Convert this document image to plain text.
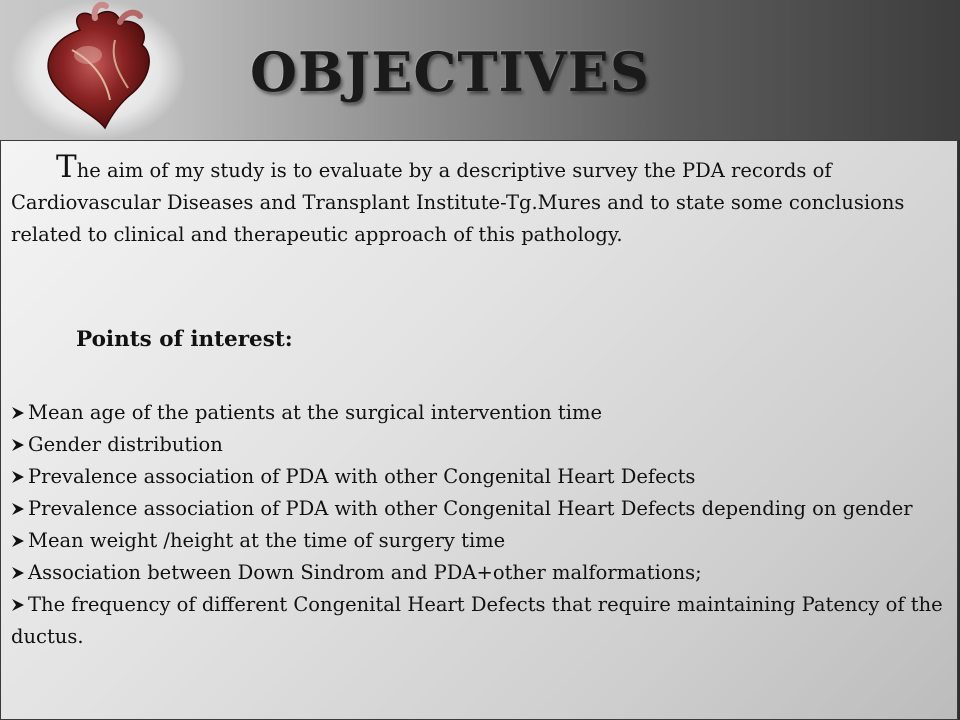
OBJECTIVES

The aim of my study is to evaluate by a descriptive survey the PDA records of Cardiovascular Diseases and Transplant Institute-Tg.Mures and to state some conclusions related to clinical and therapeutic approach of this pathology.

Points of interest:
Mean age of the patients at the surgical intervention time
Gender distribution
Prevalence association of PDA with other Congenital Heart Defects
Prevalence association of PDA with other Congenital Heart Defects depending on gender
Mean weight /height at the time of surgery time
Association between Down Sindrom and PDA+other malformations;
The frequency of different Congenital Heart Defects that require maintaining Patency of the ductus.
